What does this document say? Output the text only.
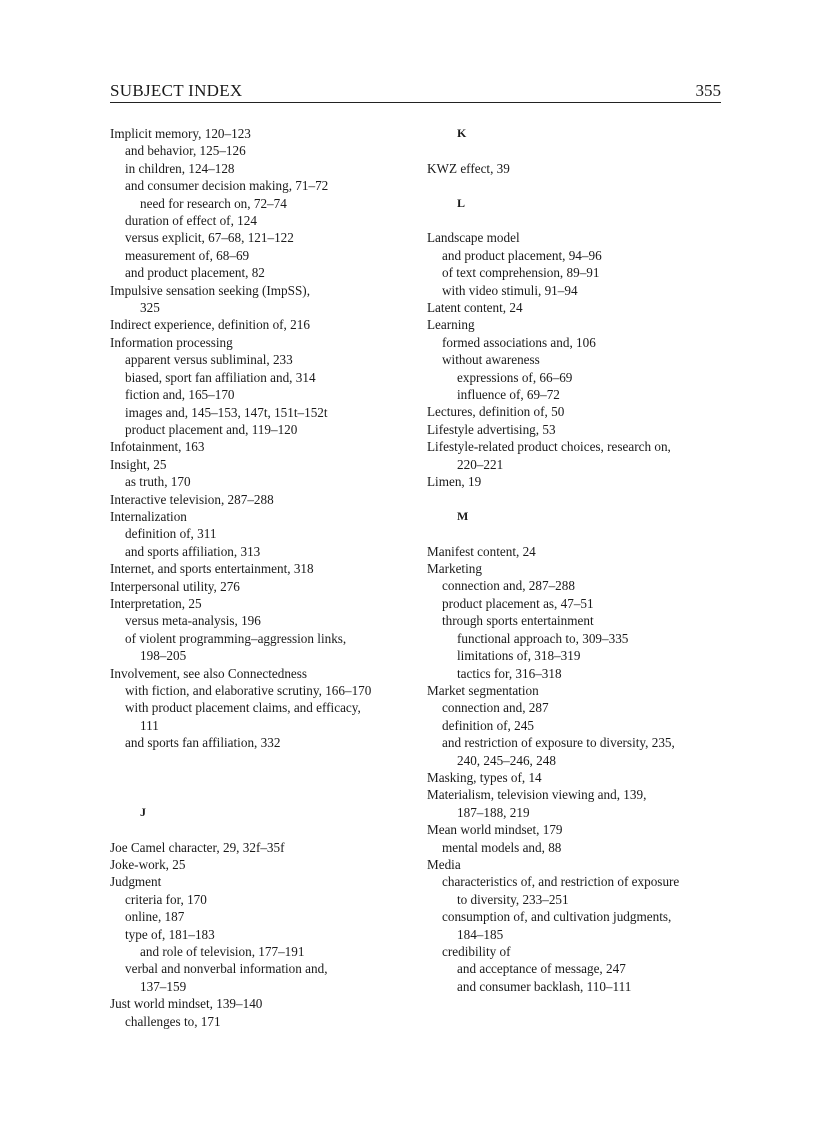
SUBJECT INDEX	355
Implicit memory, 120–123
and behavior, 125–126
in children, 124–128
and consumer decision making, 71–72
need for research on, 72–74
duration of effect of, 124
versus explicit, 67–68, 121–122
measurement of, 68–69
and product placement, 82
Impulsive sensation seeking (ImpSS),
325
Indirect experience, definition of, 216
Information processing
apparent versus subliminal, 233
biased, sport fan affiliation and, 314
fiction and, 165–170
images and, 145–153, 147t, 151t–152t
product placement and, 119–120
Infotainment, 163
Insight, 25
as truth, 170
Interactive television, 287–288
Internalization
definition of, 311
and sports affiliation, 313
Internet, and sports entertainment, 318
Interpersonal utility, 276
Interpretation, 25
versus meta-analysis, 196
of violent programming–aggression links,
198–205
Involvement, see also Connectedness
with fiction, and elaborative scrutiny, 166–170
with product placement claims, and efficacy,
111
and sports fan affiliation, 332
J
Joe Camel character, 29, 32f–35f
Joke-work, 25
Judgment
criteria for, 170
online, 187
type of, 181–183
and role of television, 177–191
verbal and nonverbal information and,
137–159
Just world mindset, 139–140
challenges to, 171
K
KWZ effect, 39
L
Landscape model
and product placement, 94–96
of text comprehension, 89–91
with video stimuli, 91–94
Latent content, 24
Learning
formed associations and, 106
without awareness
expressions of, 66–69
influence of, 69–72
Lectures, definition of, 50
Lifestyle advertising, 53
Lifestyle-related product choices, research on,
220–221
Limen, 19
M
Manifest content, 24
Marketing
connection and, 287–288
product placement as, 47–51
through sports entertainment
functional approach to, 309–335
limitations of, 318–319
tactics for, 316–318
Market segmentation
connection and, 287
definition of, 245
and restriction of exposure to diversity, 235,
240, 245–246, 248
Masking, types of, 14
Materialism, television viewing and, 139,
187–188, 219
Mean world mindset, 179
mental models and, 88
Media
characteristics of, and restriction of exposure
to diversity, 233–251
consumption of, and cultivation judgments,
184–185
credibility of
and acceptance of message, 247
and consumer backlash, 110–111
